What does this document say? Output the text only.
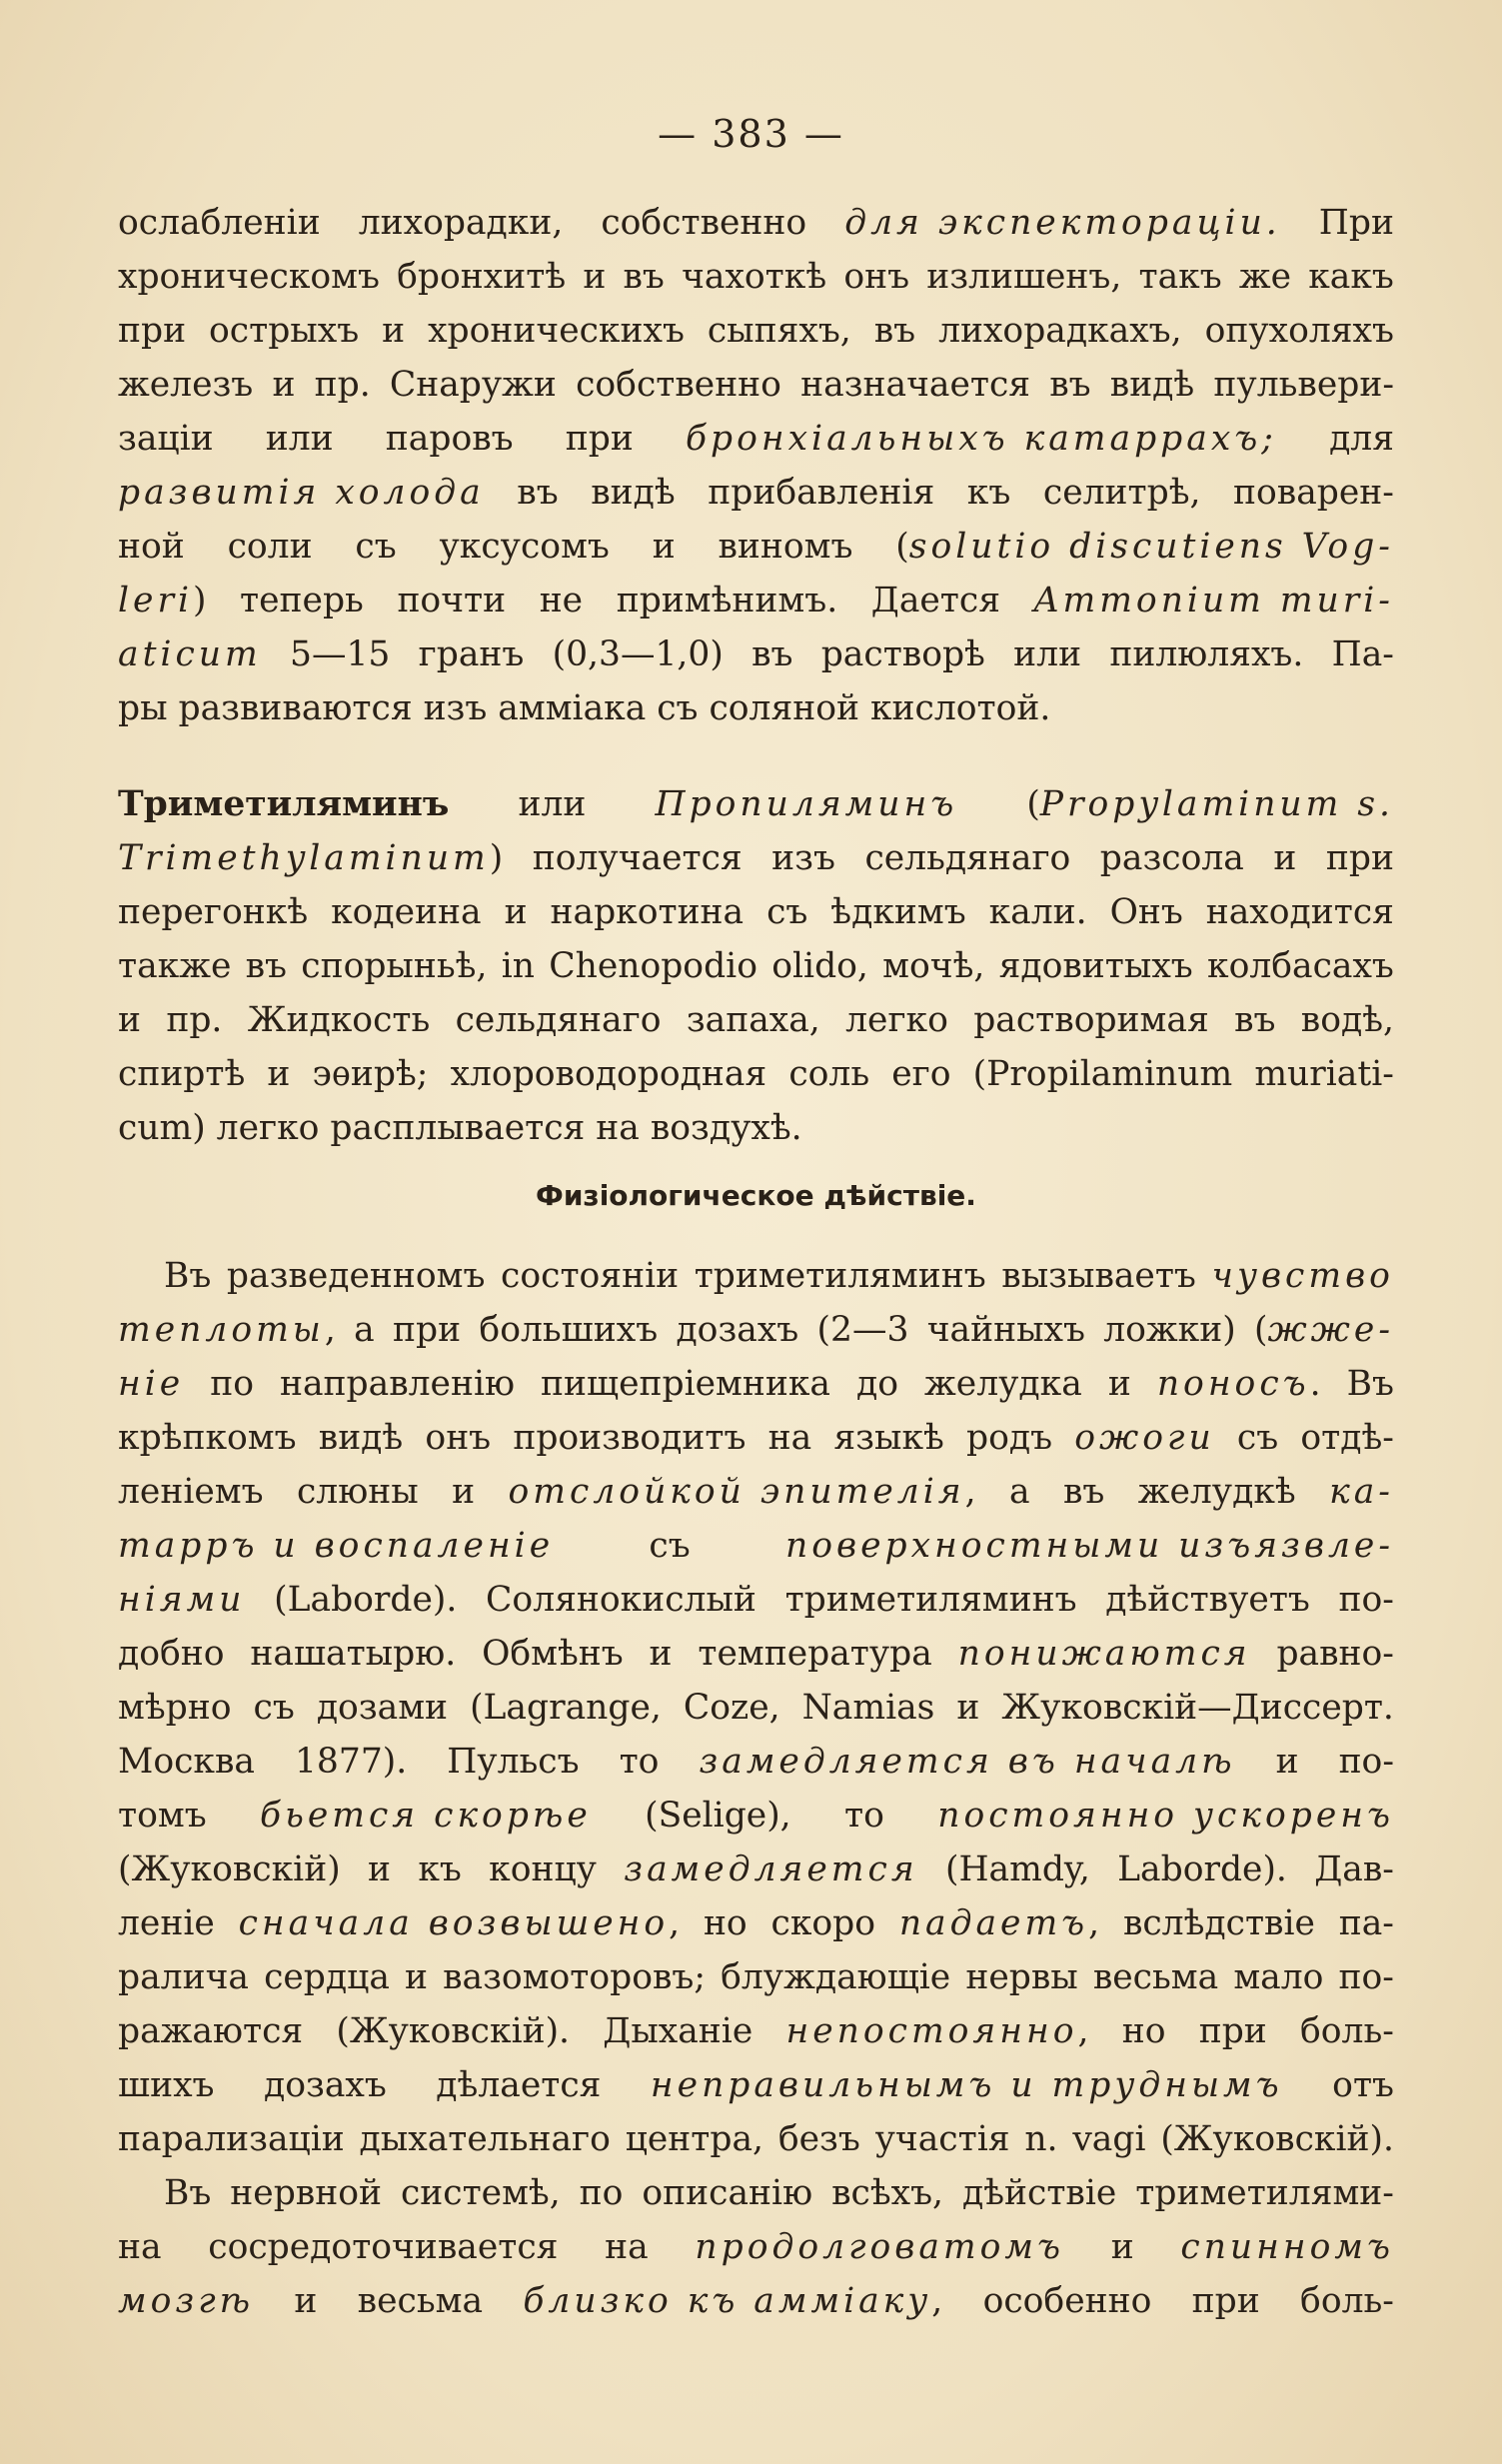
— 383 —
ослабленіи лихорадки, собственно для экспекторацiи. При
хроническомъ бронхитѣ и въ чахоткѣ онъ излишенъ, такъ же какъ
при острыхъ и хроническихъ сыпяхъ, въ лихорадкахъ, опухоляхъ
железъ и пр. Снаружи собственно назначается въ видѣ пульвери-
заціи или паровъ при бронхiальныхъ катаррахъ; для
развитiя холода въ видѣ прибавленія къ селитрѣ, поварен-
ной соли съ уксусомъ и виномъ (solutio discutiens Vog-
leri) теперь почти не примѣнимъ. Дается Ammonium muri-
aticum 5—15 гранъ (0,3—1,0) въ растворѣ или пилюляхъ. Па-
ры развиваются изъ амміака съ соляной кислотой.
Триметиляминъ или Пропиляминъ (Propylaminum s.
Trimethylaminum) получается изъ сельдянаго разсола и при
перегонкѣ кодеина и наркотина съ ѣдкимъ кали. Онъ находится
также въ спорыньѣ, in Chenopodio olido, мочѣ, ядовитыхъ колбасахъ
и пр. Жидкость сельдянаго запаха, легко растворимая въ водѣ,
спиртѣ и эѳирѣ; хлороводородная соль его (Propilaminum muriati-
cum) легко расплывается на воздухѣ.
Физіологическое дѣйствіе.
Въ разведенномъ состояніи триметиляминъ вызываетъ чувство
теплоты, а при большихъ дозахъ (2—3 чайныхъ ложки) (жже-
нiе по направленію пищепріемника до желудка и поносъ. Въ
крѣпкомъ видѣ онъ производитъ на языкѣ родъ ожоги съ отдѣ-
леніемъ слюны и отслойкой эпителiя, а въ желудкѣ ка-
тарръ и воспаленiе	съ	поверхностными изъязвле-
нiями (Laborde). Солянокислый триметиляминъ дѣйствуетъ по-
добно нашатырю. Обмѣнъ и температура понижаются равно-
мѣрно съ дозами (Lagrange, Coze, Namias и Жуковскій—Диссерт.
Москва 1877). Пульсъ то замедляется въ началѣ и по-
томъ бьется скорѣе (Selige), то постоянно ускоренъ
(Жуковскій) и къ концу замедляется (Hamdy, Laborde). Дав-
леніе сначала возвышено, но скоро падаетъ, вслѣдствіе па-
ралича сердца и вазомоторовъ; блуждающіе нервы весьма мало по-
ражаются (Жуковскій). Дыханіе непостоянно, но при боль-
шихъ дозахъ дѣлается неправильнымъ и труднымъ отъ
парализаціи дыхательнаго центра, безъ участія n. vagi (Жуковскій).
Въ нервной системѣ, по описанію всѣхъ, дѣйствіе триметилями-
на сосредоточивается на продолговатомъ и спинномъ
мозгѣ и весьма близко къ амміаку, особенно при боль-
